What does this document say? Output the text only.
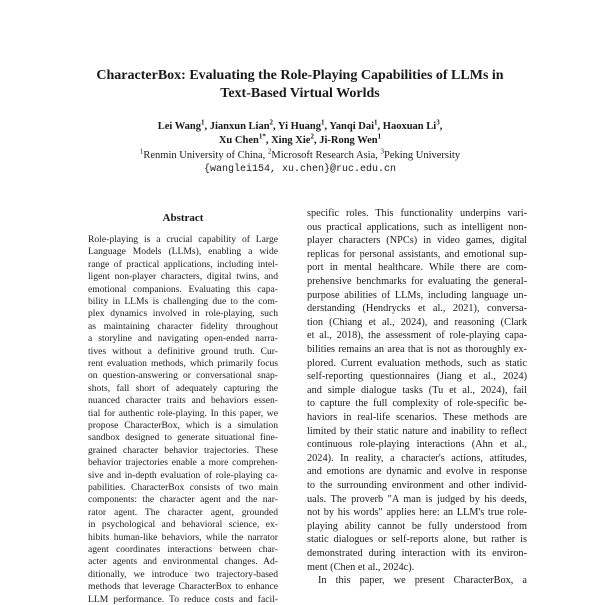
CharacterBox: Evaluating the Role-Playing Capabilities of LLMs in
Text-Based Virtual Worlds
Lei Wang$^1$, Jianxun Lian$^2$, Yi Huang$^1$, Yanqi Dai$^1$, Haoxuan Li$^3$,
Xu Chen$^{1*}$, Xing Xie$^2$, Ji-Rong Wen$^1$
$^1$Renmin University of China, $^2$Microsoft Research Asia, $^3$Peking University
{wanglei154, xu.chen}@ruc.edu.cn
Abstract
Role-playing is a crucial capability of Large
Language Models (LLMs), enabling a wide
range of practical applications, including intel-
ligent non-player characters, digital twins, and
emotional companions. Evaluating this capa-
bility in LLMs is challenging due to the com-
plex dynamics involved in role-playing, such
as maintaining character fidelity throughout
a storyline and navigating open-ended narra-
tives without a definitive ground truth. Cur-
rent evaluation methods, which primarily focus
on question-answering or conversational snap-
shots, fall short of adequately capturing the
nuanced character traits and behaviors essen-
tial for authentic role-playing. In this paper, we
propose CharacterBox, which is a simulation
sandbox designed to generate situational fine-
grained character behavior trajectories. These
behavior trajectories enable a more comprehen-
sive and in-depth evaluation of role-playing ca-
pabilities. CharacterBox consists of two main
components: the character agent and the nar-
rator agent. The character agent, grounded
in psychological and behavioral science, ex-
hibits human-like behaviors, while the narrator
agent coordinates interactions between char-
acter agents and environmental changes. Ad-
ditionally, we introduce two trajectory-based
methods that leverage CharacterBox to enhance
LLM performance. To reduce costs and facil-
specific roles. This functionality underpins vari-
ous practical applications, such as intelligent non-
player characters (NPCs) in video games, digital
replicas for personal assistants, and emotional sup-
port in mental healthcare. While there are com-
prehensive benchmarks for evaluating the general-
purpose abilities of LLMs, including language un-
derstanding (Hendrycks et al., 2021), conversa-
tion (Chiang et al., 2024), and reasoning (Clark
et al., 2018), the assessment of role-playing capa-
bilities remains an area that is not as thoroughly ex-
plored. Current evaluation methods, such as static
self-reporting questionnaires (Jiang et al., 2024)
and simple dialogue tasks (Tu et al., 2024), fail
to capture the full complexity of role-specific be-
haviors in real-life scenarios. These methods are
limited by their static nature and inability to reflect
continuous role-playing interactions (Ahn et al.,
2024). In reality, a character's actions, attitudes,
and emotions are dynamic and evolve in response
to the surrounding environment and other individ-
uals. The proverb "A man is judged by his deeds,
not by his words" applies here: an LLM's true role-
playing ability cannot be fully understood from
static dialogues or self-reports alone, but rather is
demonstrated during interaction with its environ-
ment (Chen et al., 2024c).
In this paper, we present CharacterBox, a
